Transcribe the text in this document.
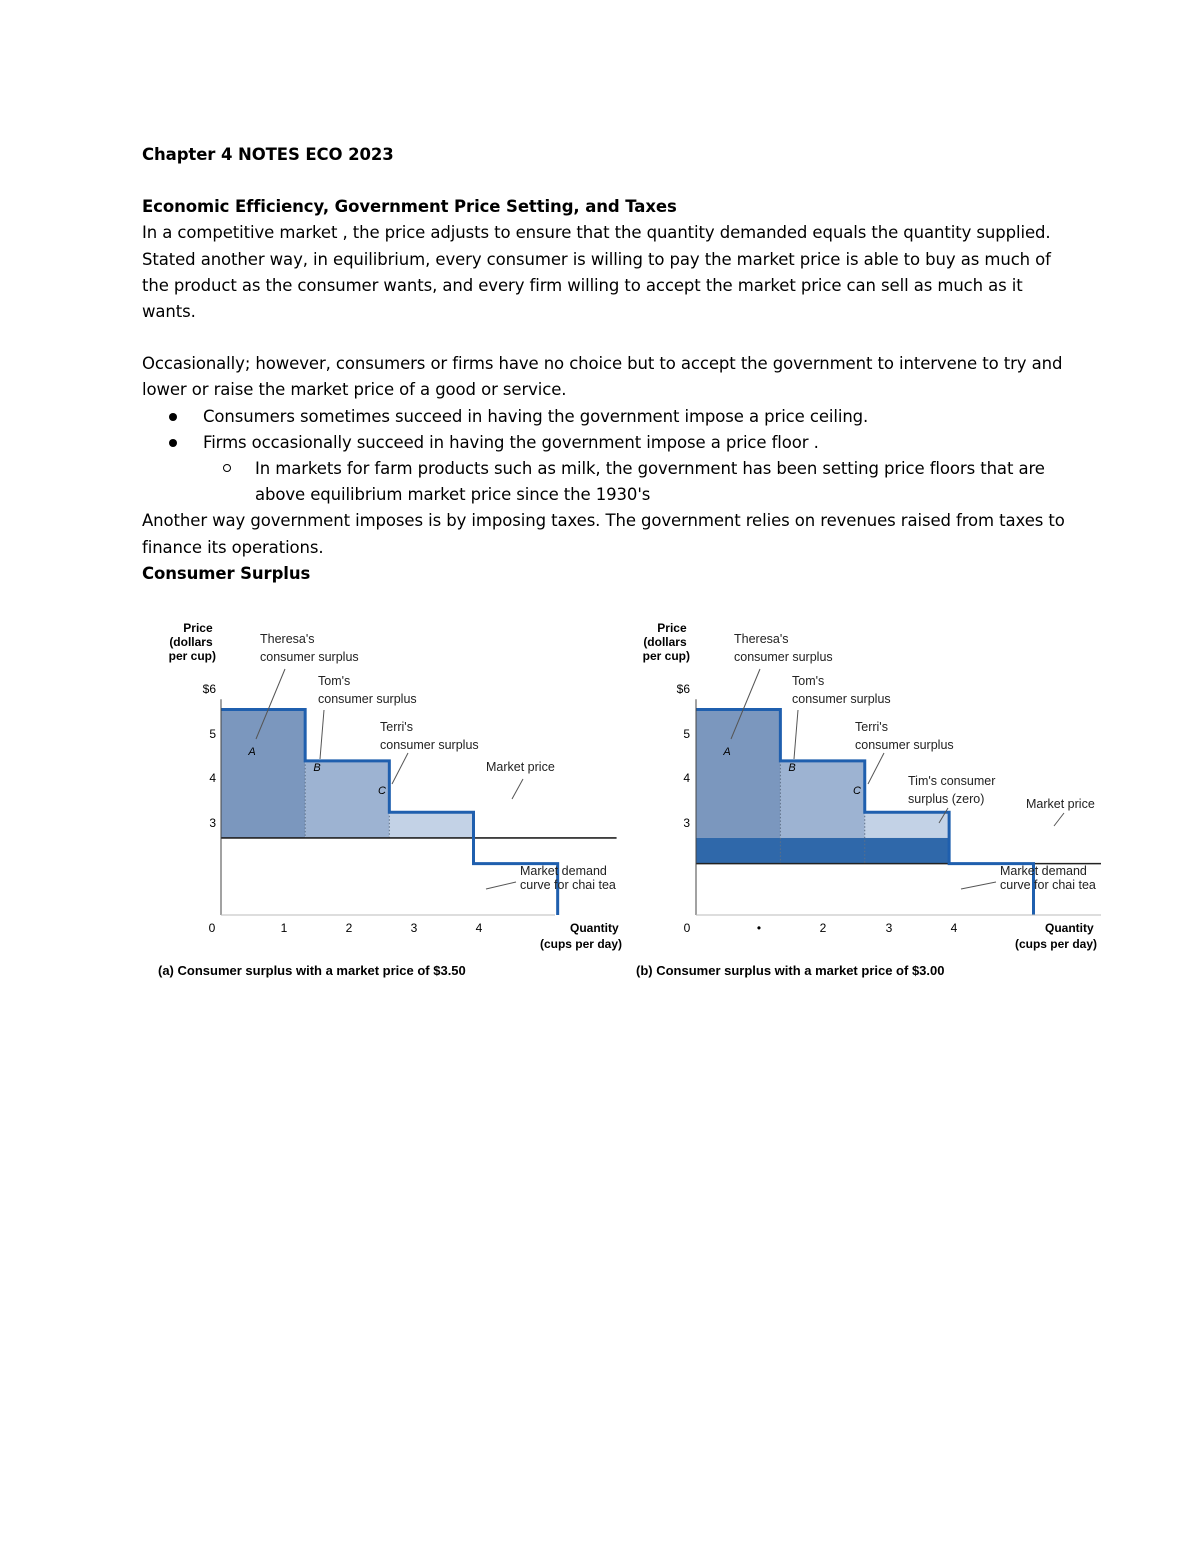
Chapter 4 NOTES ECO 2023

Economic Efficiency, Government Price Setting, and Taxes

In a competitive market , the price adjusts to ensure that the quantity demanded equals the quantity supplied. Stated another way, in equilibrium, every consumer is willing to pay the market price is able to buy as much of the product as the consumer wants, and every firm willing to accept the market price can sell as much as it wants.

Occasionally; however, consumers or firms have no choice but to accept the government to intervene to try and lower or raise the market price of a good or service.

Consumers sometimes succeed in having the government impose a price ceiling.
Firms occasionally succeed in having the government impose a price floor .
In markets for farm products such as milk, the government has been setting price floors that are above equilibrium market price since the 1930's

Another way government imposes is by imposing taxes. The government relies on revenues raised from taxes to finance its operations.

Consumer Surplus

Price (dollars per cup)
$6
5
4
3
0	1	2	3	4	Quantity (cups per day)
A
B
C
Theresa's consumer surplus
Tom's consumer surplus
Terri's consumer surplus
Market price
Market demand curve for chai tea
(a) Consumer surplus with a market price of $3.50
Price (dollars per cup)
$6
5
4
3
0	•	2	3	4	Quantity (cups per day)
A
B
C
Theresa's consumer surplus
Tom's consumer surplus
Terri's consumer surplus
Tim's consumer surplus (zero)	Market price
Market demand curve for chai tea
(b) Consumer surplus with a market price of $3.00
